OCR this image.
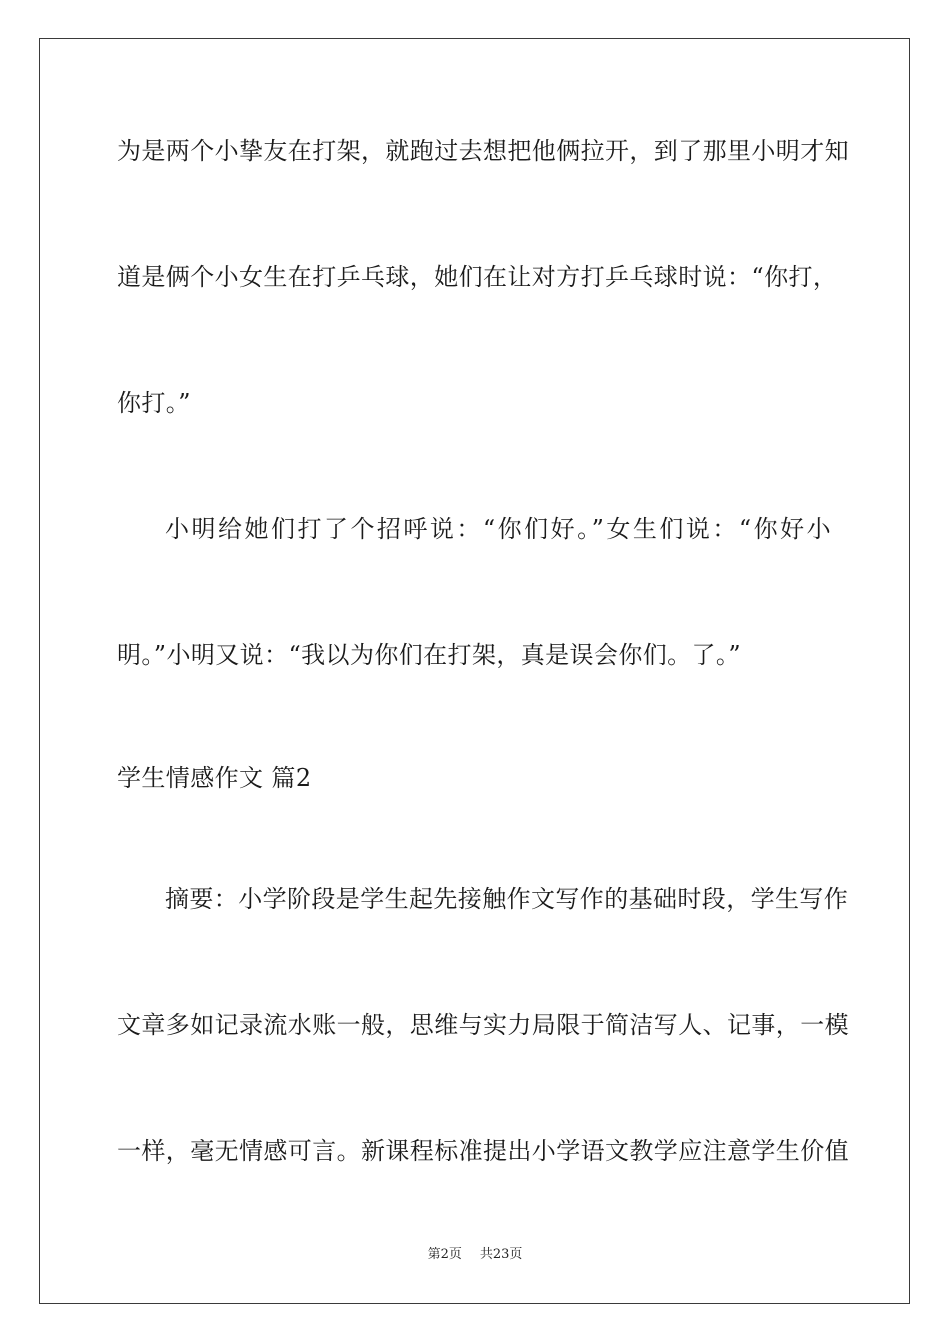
为是两个小挚友在打架，就跑过去想把他俩拉开，到了那里小明才知
道是俩个小女生在打乒乓球，她们在让对方打乒乓球时说：“你打，
你打。”
小明给她们打了个招呼说：“你们好。”女生们说：“你好小
明。”小明又说：“我以为你们在打架，真是误会你们。了。”
学生情感作文 篇2
摘要：小学阶段是学生起先接触作文写作的基础时段，学生写作
文章多如记录流水账一般，思维与实力局限于简洁写人、记事，一模
一样，毫无情感可言。新课程标准提出小学语文教学应注意学生价值
第2页 共23页
